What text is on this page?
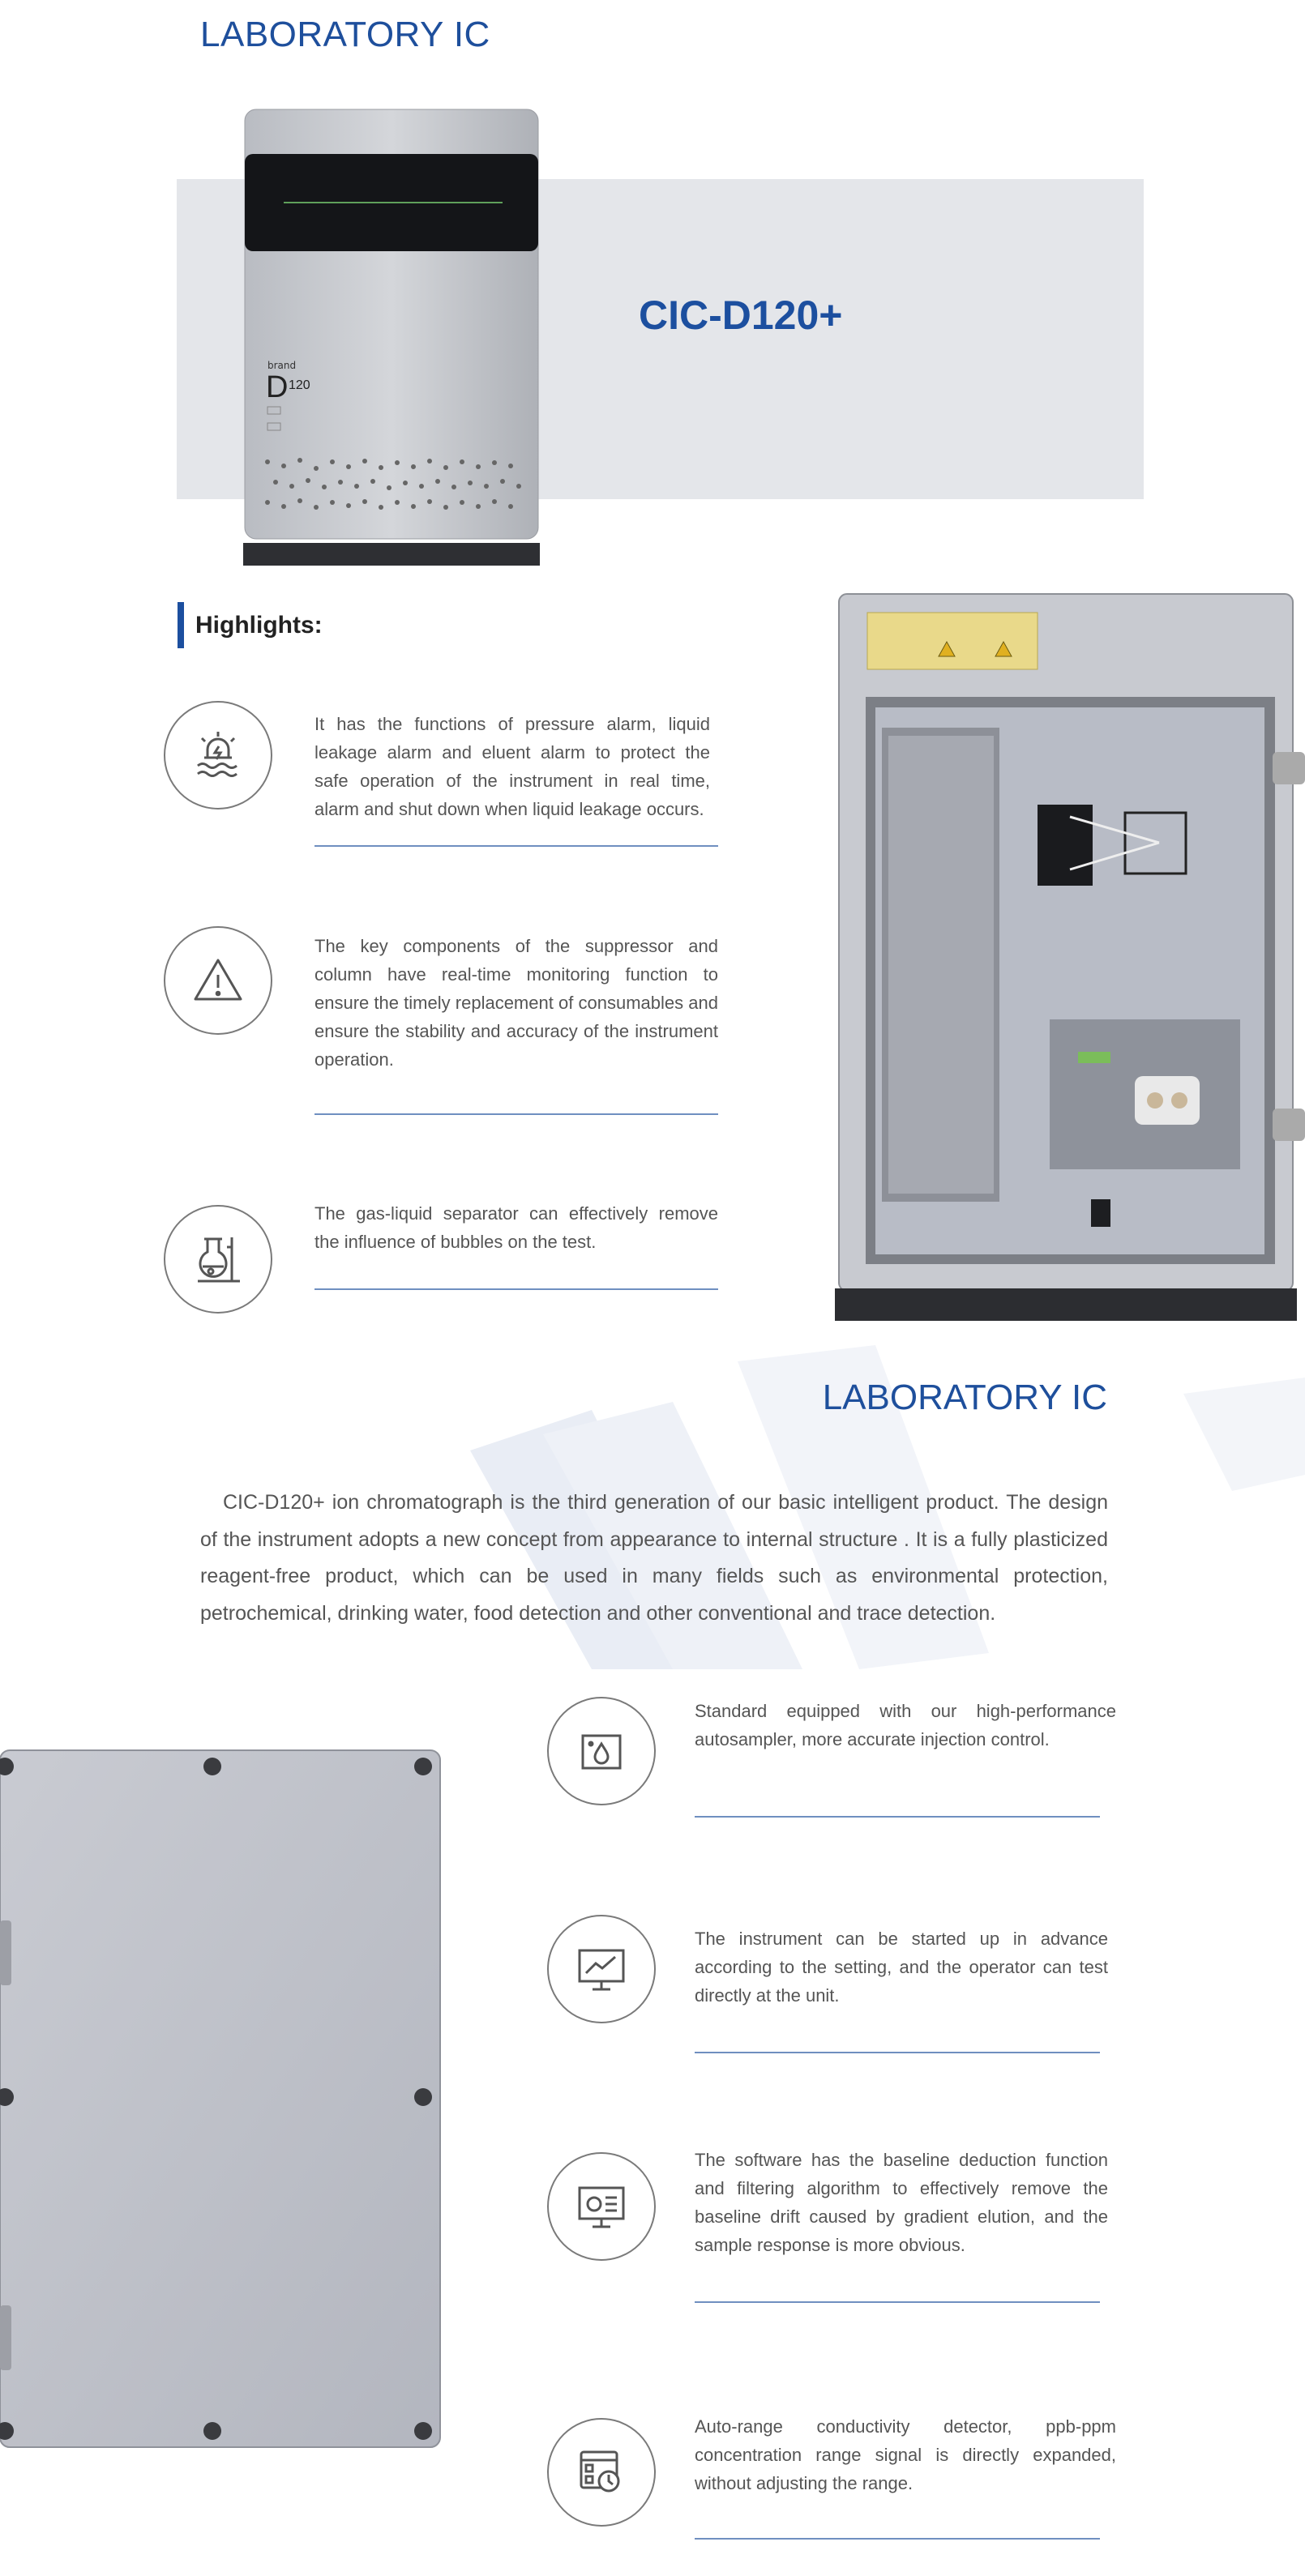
LABORATORY IC
CIC-D120+
brand
D 120
Highlights:
It has the functions of pressure alarm, liquid leakage alarm and eluent alarm to protect the safe operation of the instrument in real time, alarm and shut down when liquid leakage occurs.
The key components of the suppressor and column have real-time monitoring function to ensure the timely replacement of consumables and ensure the stability and accuracy of the instrument operation.
The gas-liquid separator can effectively remove the influence of bubbles on the test.
LABORATORY IC
CIC-D120+ ion chromatograph is the third generation of our basic intelligent product. The design of the instrument adopts a new concept from appearance to internal structure . It is a fully plasticized reagent-free product, which can be used in many fields such as environmental protection, petrochemical, drinking water, food detection and other conventional and trace detection.
Standard equipped with our high-performance autosampler, more accurate injection control.
The instrument can be started up in advance according to the setting, and the operator can test directly at the unit.
The software has the baseline deduction function and filtering algorithm to effectively remove the baseline drift caused by gradient elution, and the sample response is more obvious.
Auto-range conductivity detector, ppb-ppm concentration range signal is directly expanded, without adjusting the range.
